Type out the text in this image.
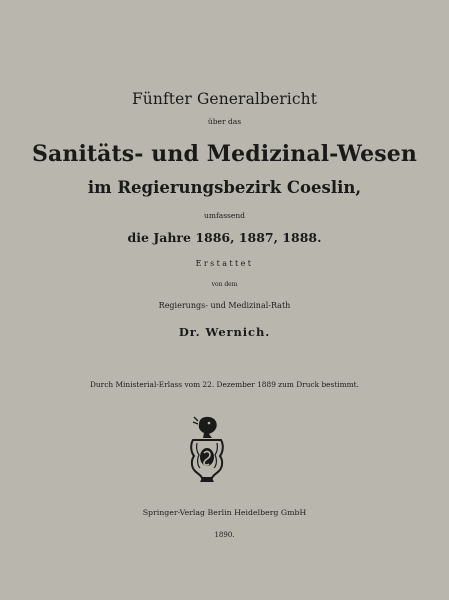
Fünfter Generalbericht
über das
Sanitäts- und Medizinal-Wesen
im Regierungsbezirk Coeslin,
umfassend
die Jahre 1886, 1887, 1888.
Erstattet
von dem
Regierungs- und Medizinal-Rath
Dr. Wernich.
Durch Ministerial-Erlass vom 22. Dezember 1889 zum Druck bestimmt.
Springer-Verlag Berlin Heidelberg GmbH
1890.
